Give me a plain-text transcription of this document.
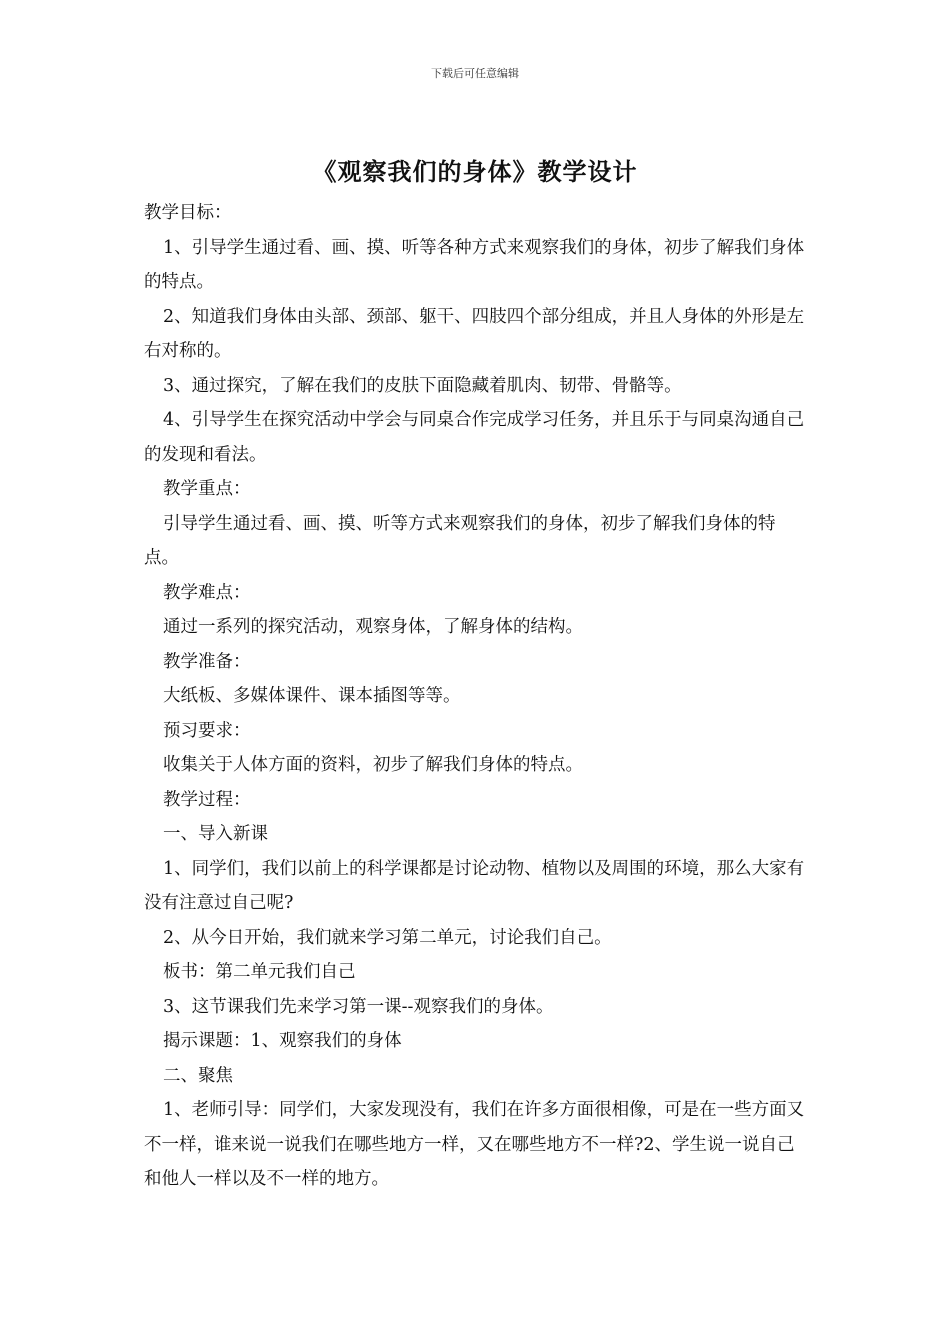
下载后可任意编辑
《观察我们的身体》教学设计

教学目标：

1、引导学生通过看、画、摸、听等各种方式来观察我们的身体，初步了解我们身体的特点。

2、知道我们身体由头部、颈部、躯干、四肢四个部分组成，并且人身体的外形是左右对称的。

3、通过探究，了解在我们的皮肤下面隐藏着肌肉、韧带、骨骼等。

4、引导学生在探究活动中学会与同桌合作完成学习任务，并且乐于与同桌沟通自己的发现和看法。

教学重点：

引导学生通过看、画、摸、听等方式来观察我们的身体，初步了解我们身体的特点。

教学难点：

通过一系列的探究活动，观察身体，了解身体的结构。

教学准备：

大纸板、多媒体课件、课本插图等等。

预习要求：

收集关于人体方面的资料，初步了解我们身体的特点。

教学过程：

一、导入新课

1、同学们，我们以前上的科学课都是讨论动物、植物以及周围的环境，那么大家有没有注意过自己呢?

2、从今日开始，我们就来学习第二单元，讨论我们自己。

板书：第二单元我们自己

3、这节课我们先来学习第一课--观察我们的身体。

揭示课题：1、观察我们的身体

二、聚焦

1、老师引导：同学们，大家发现没有，我们在许多方面很相像，可是在一些方面又不一样，谁来说一说我们在哪些地方一样，又在哪些地方不一样?2、学生说一说自己和他人一样以及不一样的地方。
